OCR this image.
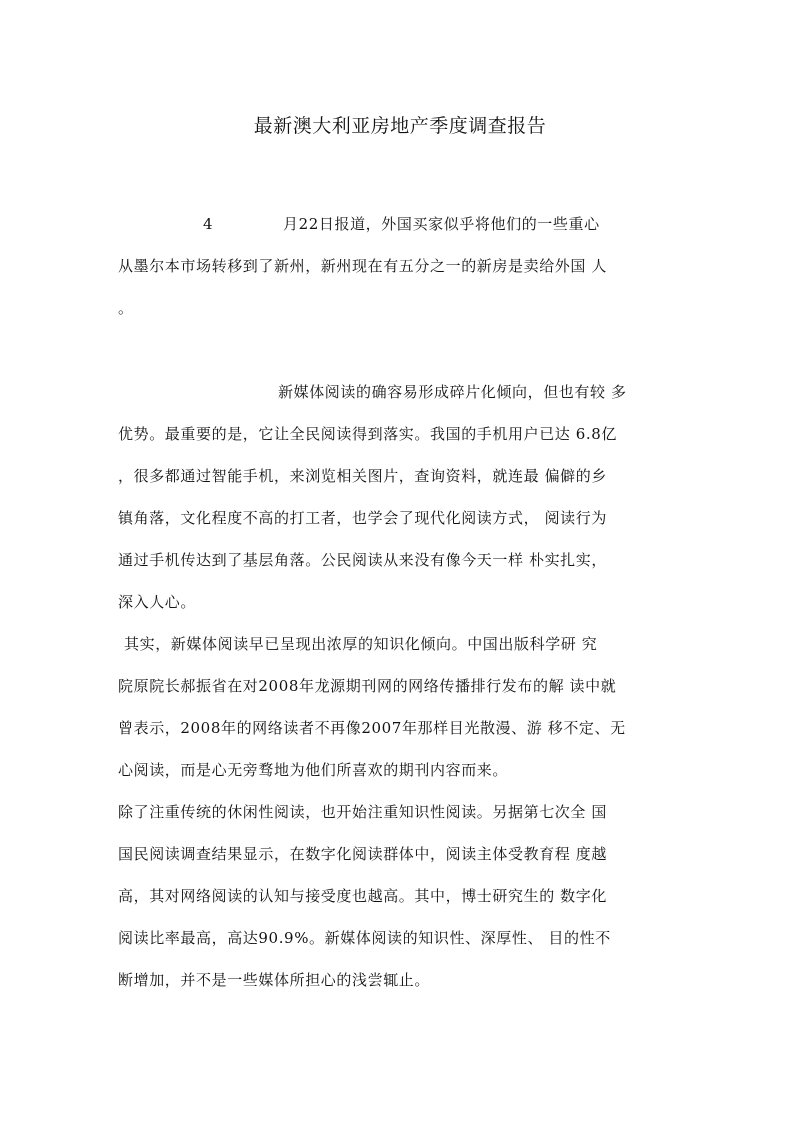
最新澳大利亚房地产季度调查报告
4	月22日报道，外国买家似乎将他们的一些重心
从墨尔本市场转移到了新州，新州现在有五分之一的新房是卖给外国 人
。
新媒体阅读的确容易形成碎片化倾向，但也有较 多
优势。最重要的是，它让全民阅读得到落实。我国的手机用户已达 6.8亿
，很多都通过智能手机，来浏览相关图片，查询资料，就连最 偏僻的乡
镇角落，文化程度不高的打工者，也学会了现代化阅读方式， 阅读行为
通过手机传达到了基层角落。公民阅读从来没有像今天一样 朴实扎实，
深入人心。
其实，新媒体阅读早已呈现出浓厚的知识化倾向。中国出版科学研 究
院原院长郝振省在对2008年龙源期刊网的网络传播排行发布的解 读中就
曾表示，2008年的网络读者不再像2007年那样目光散漫、游 移不定、无
心阅读，而是心无旁骛地为他们所喜欢的期刊内容而来。
除了注重传统的休闲性阅读，也开始注重知识性阅读。另据第七次全 国
国民阅读调查结果显示，在数字化阅读群体中，阅读主体受教育程 度越
高，其对网络阅读的认知与接受度也越高。其中，博士研究生的 数字化
阅读比率最高，高达90.9%。新媒体阅读的知识性、深厚性、 目的性不
断增加，并不是一些媒体所担心的浅尝辄止。
